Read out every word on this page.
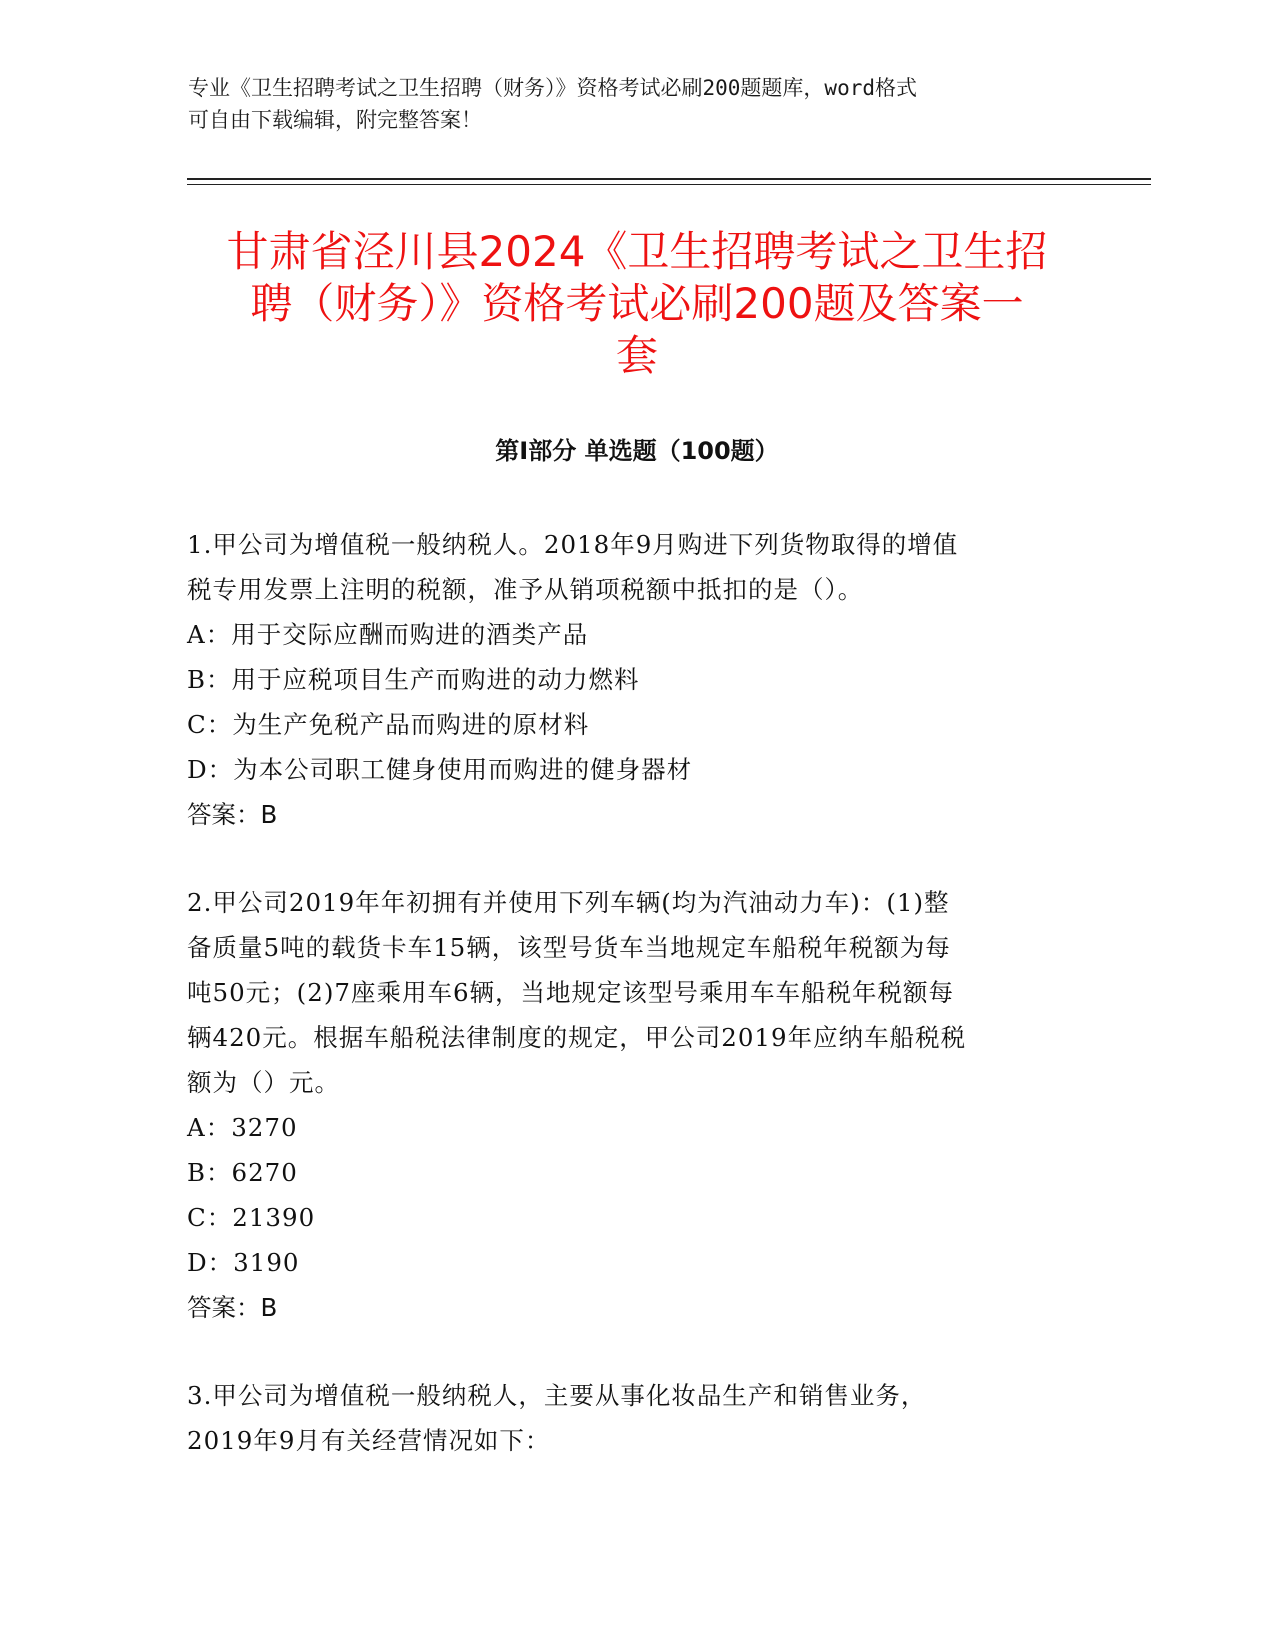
专业《卫生招聘考试之卫生招聘（财务）》资格考试必刷200题题库，word格式

可自由下载编辑，附完整答案！

甘肃省泾川县2024《卫生招聘考试之卫生招
聘（财务）》资格考试必刷200题及答案一
套
第I部分 单选题（100题）

1.甲公司为增值税一般纳税人。2018年9月购进下列货物取得的增值

税专用发票上注明的税额，准予从销项税额中抵扣的是（）。

A：用于交际应酬而购进的酒类产品

B：用于应税项目生产而购进的动力燃料

C：为生产免税产品而购进的原材料

D：为本公司职工健身使用而购进的健身器材

答案：B

2.甲公司2019年年初拥有并使用下列车辆(均为汽油动力车)：(1)整

备质量5吨的载货卡车15辆，该型号货车当地规定车船税年税额为每

吨50元；(2)7座乘用车6辆，当地规定该型号乘用车车船税年税额每

辆420元。根据车船税法律制度的规定，甲公司2019年应纳车船税税

额为（）元。

A：3270

B：6270

C：21390

D：3190

答案：B

3.甲公司为增值税一般纳税人，主要从事化妆品生产和销售业务，

2019年9月有关经营情况如下：
